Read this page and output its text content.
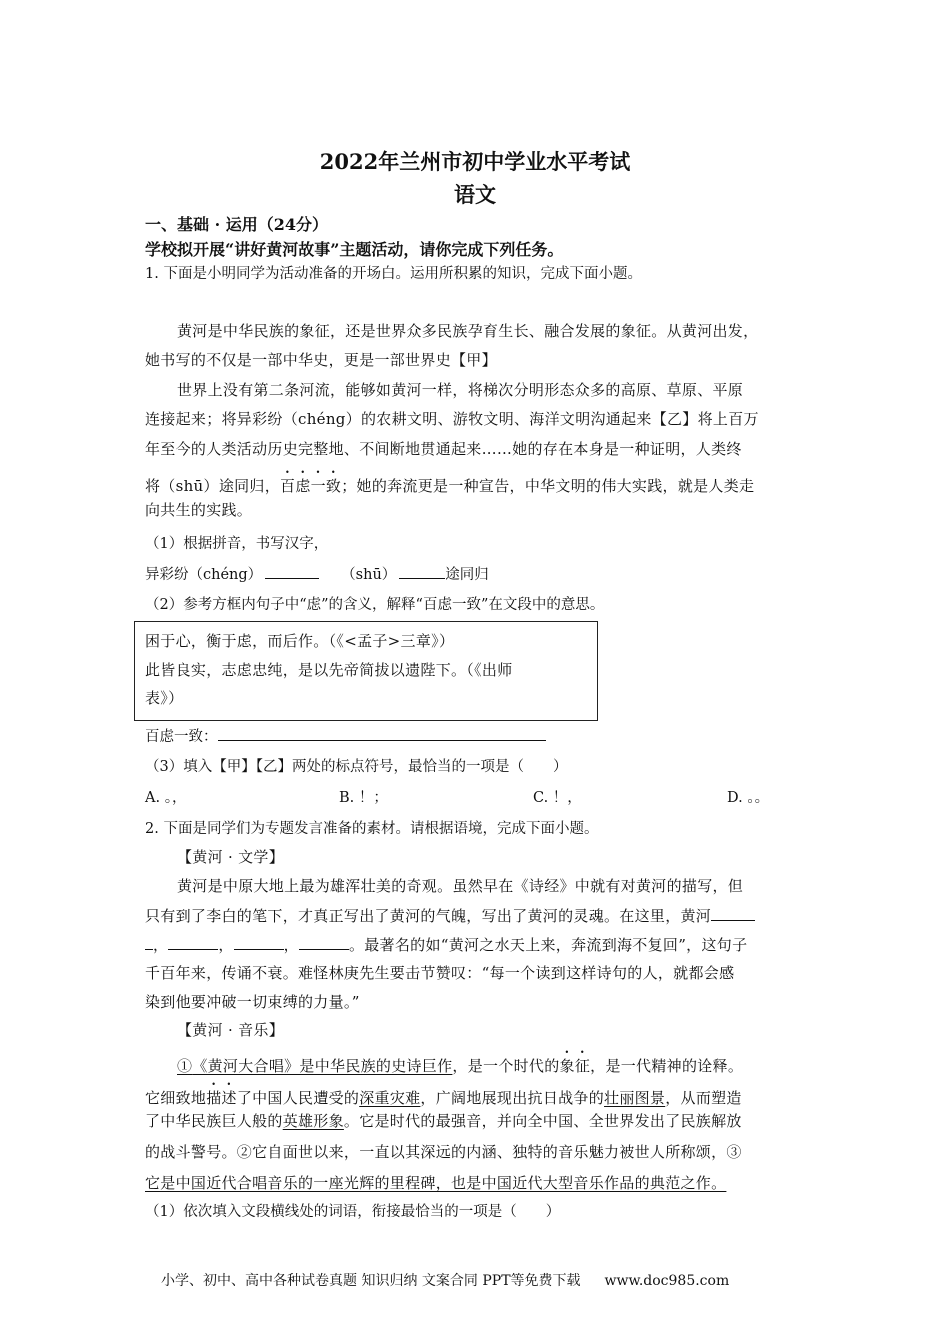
2022年兰州市初中学业水平考试
语文
一、基础 · 运用（24分）
学校拟开展“讲好黄河故事”主题活动，请你完成下列任务。
1. 下面是小明同学为活动准备的开场白。运用所积累的知识，完成下面小题。
黄河是中华民族的象征，还是世界众多民族孕育生长、融合发展的象征。从黄河出发，
她书写的不仅是一部中华史，更是一部世界史【甲】
世界上没有第二条河流，能够如黄河一样，将梯次分明形态众多的高原、草原、平原
连接起来；将异彩纷（chéng）的农耕文明、游牧文明、海洋文明沟通起来【乙】将上百万
年至今的人类活动历史完整地、不间断地贯通起来……她的存在本身是一种证明，人类终
将（shū）途同归，百虑一致；她的奔流更是一种宣告，中华文明的伟大实践，就是人类走
向共生的实践。
（1）根据拼音，书写汉字，
异彩纷（chéng）	（shū）	途同归
（2）参考方框内句子中“虑”的含义，解释“百虑一致”在文段中的意思。
困于心，衡于虑，而后作。（《<孟子>三章》）
此皆良实，志虑忠纯，是以先帝简拔以遗陛下。（《出师
表》）
百虑一致：
（3）填入【甲】【乙】两处的标点符号，最恰当的一项是（　　）
A. 。，	B. ！；	C. ！，	D. 。。
2. 下面是同学们为专题发言准备的素材。请根据语境，完成下面小题。
【黄河 · 文学】
黄河是中原大地上最为雄浑壮美的奇观。虽然早在《诗经》中就有对黄河的描写，但
只有到了李白的笔下，才真正写出了黄河的气魄，写出了黄河的灵魂。在这里，黄河
，	，	，	。最著名的如“黄河之水天上来，奔流到海不复回”，这句子
千百年来，传诵不衰。难怪林庚先生要击节赞叹：“每一个读到这样诗句的人，就都会感
染到他要冲破一切束缚的力量。”
【黄河 · 音乐】
①《黄河大合唱》是中华民族的史诗巨作，是一个时代的象征，是一代精神的诠释。
它细致地描述了中国人民遭受的深重灾难，广阔地展现出抗日战争的壮丽图景，从而塑造
了中华民族巨人般的英雄形象。它是时代的最强音，并向全中国、全世界发出了民族解放
的战斗警号。②它自面世以来，一直以其深远的内涵、独特的音乐魅力被世人所称颂，③
它是中国近代合唱音乐的一座光辉的里程碑，也是中国近代大型音乐作品的典范之作。
（1）依次填入文段横线处的词语，衔接最恰当的一项是（　　）
小学、初中、高中各种试卷真题 知识归纳 文案合同 PPT等免费下载 www.doc985.com
